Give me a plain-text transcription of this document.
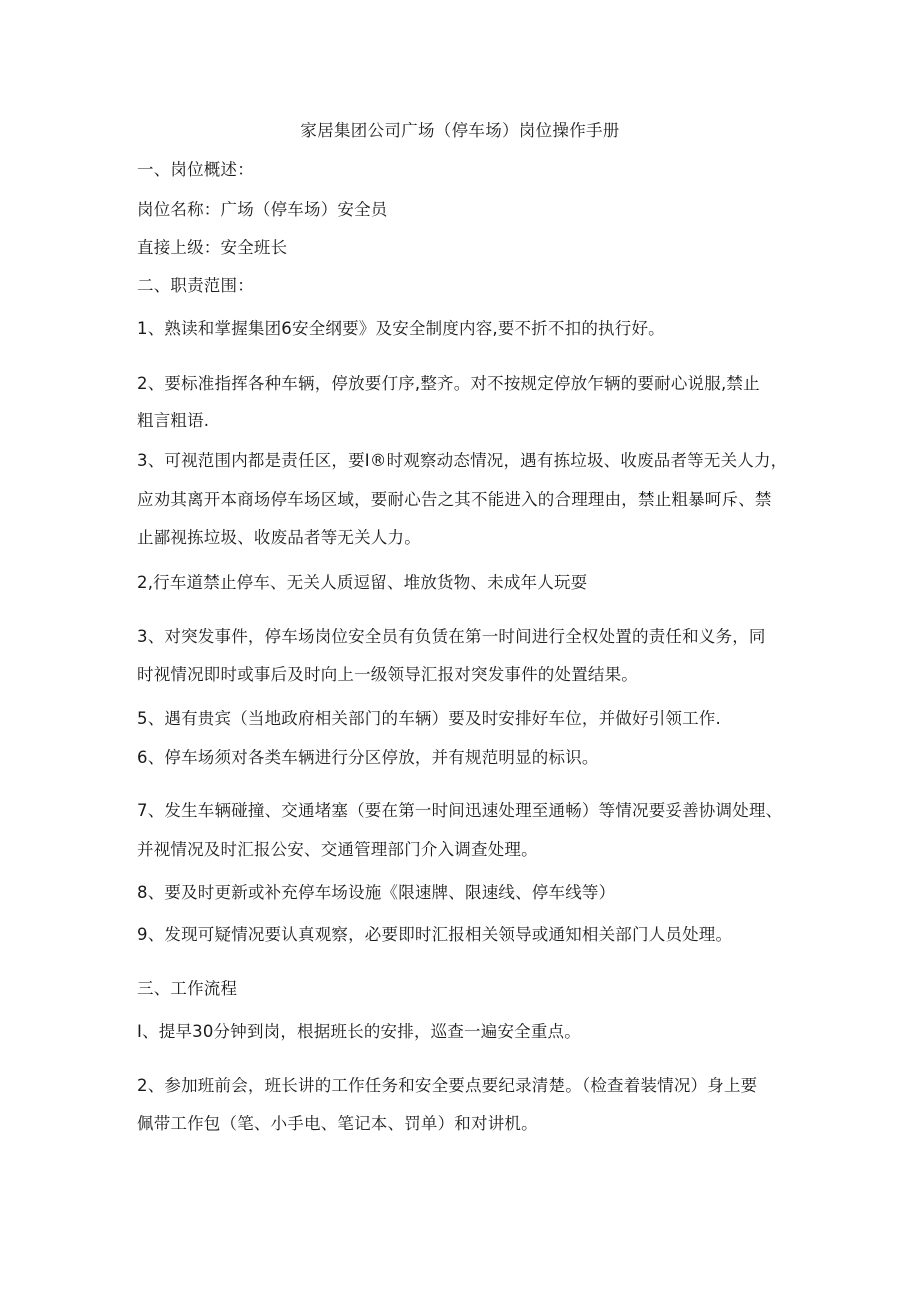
家居集团公司广场（停车场）岗位操作手册
一、岗位概述：
岗位名称：广场（停车场）安全员
直接上级：安全班长
二、职责范围：
1、熟读和掌握集团6安全纲要》及安全制度内容,要不折不扣的执行好。
2、要标准指挥各种车辆，停放要仃序,整齐。对不按规定停放乍辆的要耐心说服,禁止
粗言粗语.
3、可视范围内都是责任区，要I®时观察动态情况，遇有拣垃圾、收废品者等无关人力，
应劝其离开本商场停车场区域，要耐心告之其不能进入的合理理由，禁止粗暴呵斥、禁
止鄙视拣垃圾、收废品者等无关人力。
2,行车道禁止停车、无关人质逗留、堆放货物、未成年人玩耍
3、对突发事件，停车场岗位安全员有负赁在第一时间进行全权处置的责任和义务，同
时视情况即时或事后及时向上一级领导汇报对突发事件的处置结果。
5、遇有贵宾（当地政府相关部门的车辆）要及时安排好车位，并做好引领工作.
6、停车场须对各类车辆进行分区停放，并有规范明显的标识。
7、发生车辆碰撞、交通堵塞（要在第一时间迅速处理至通畅）等情况要妥善协调处理、
并视情况及时汇报公安、交通管理部门介入调查处理。
8、要及时更新或补充停车场设施《限速牌、限速线、停车线等）
9、发现可疑情况要认真观察，必要即时汇报相关领导或通知相关部门人员处理。
三、工作流程
I、提早30分钟到岗，根据班长的安排，巡查一遍安全重点。
2、参加班前会，班长讲的工作任务和安全要点要纪录清楚。（检查着装情况）身上要
佩带工作包（笔、小手电、笔记本、罚单）和对讲机。
